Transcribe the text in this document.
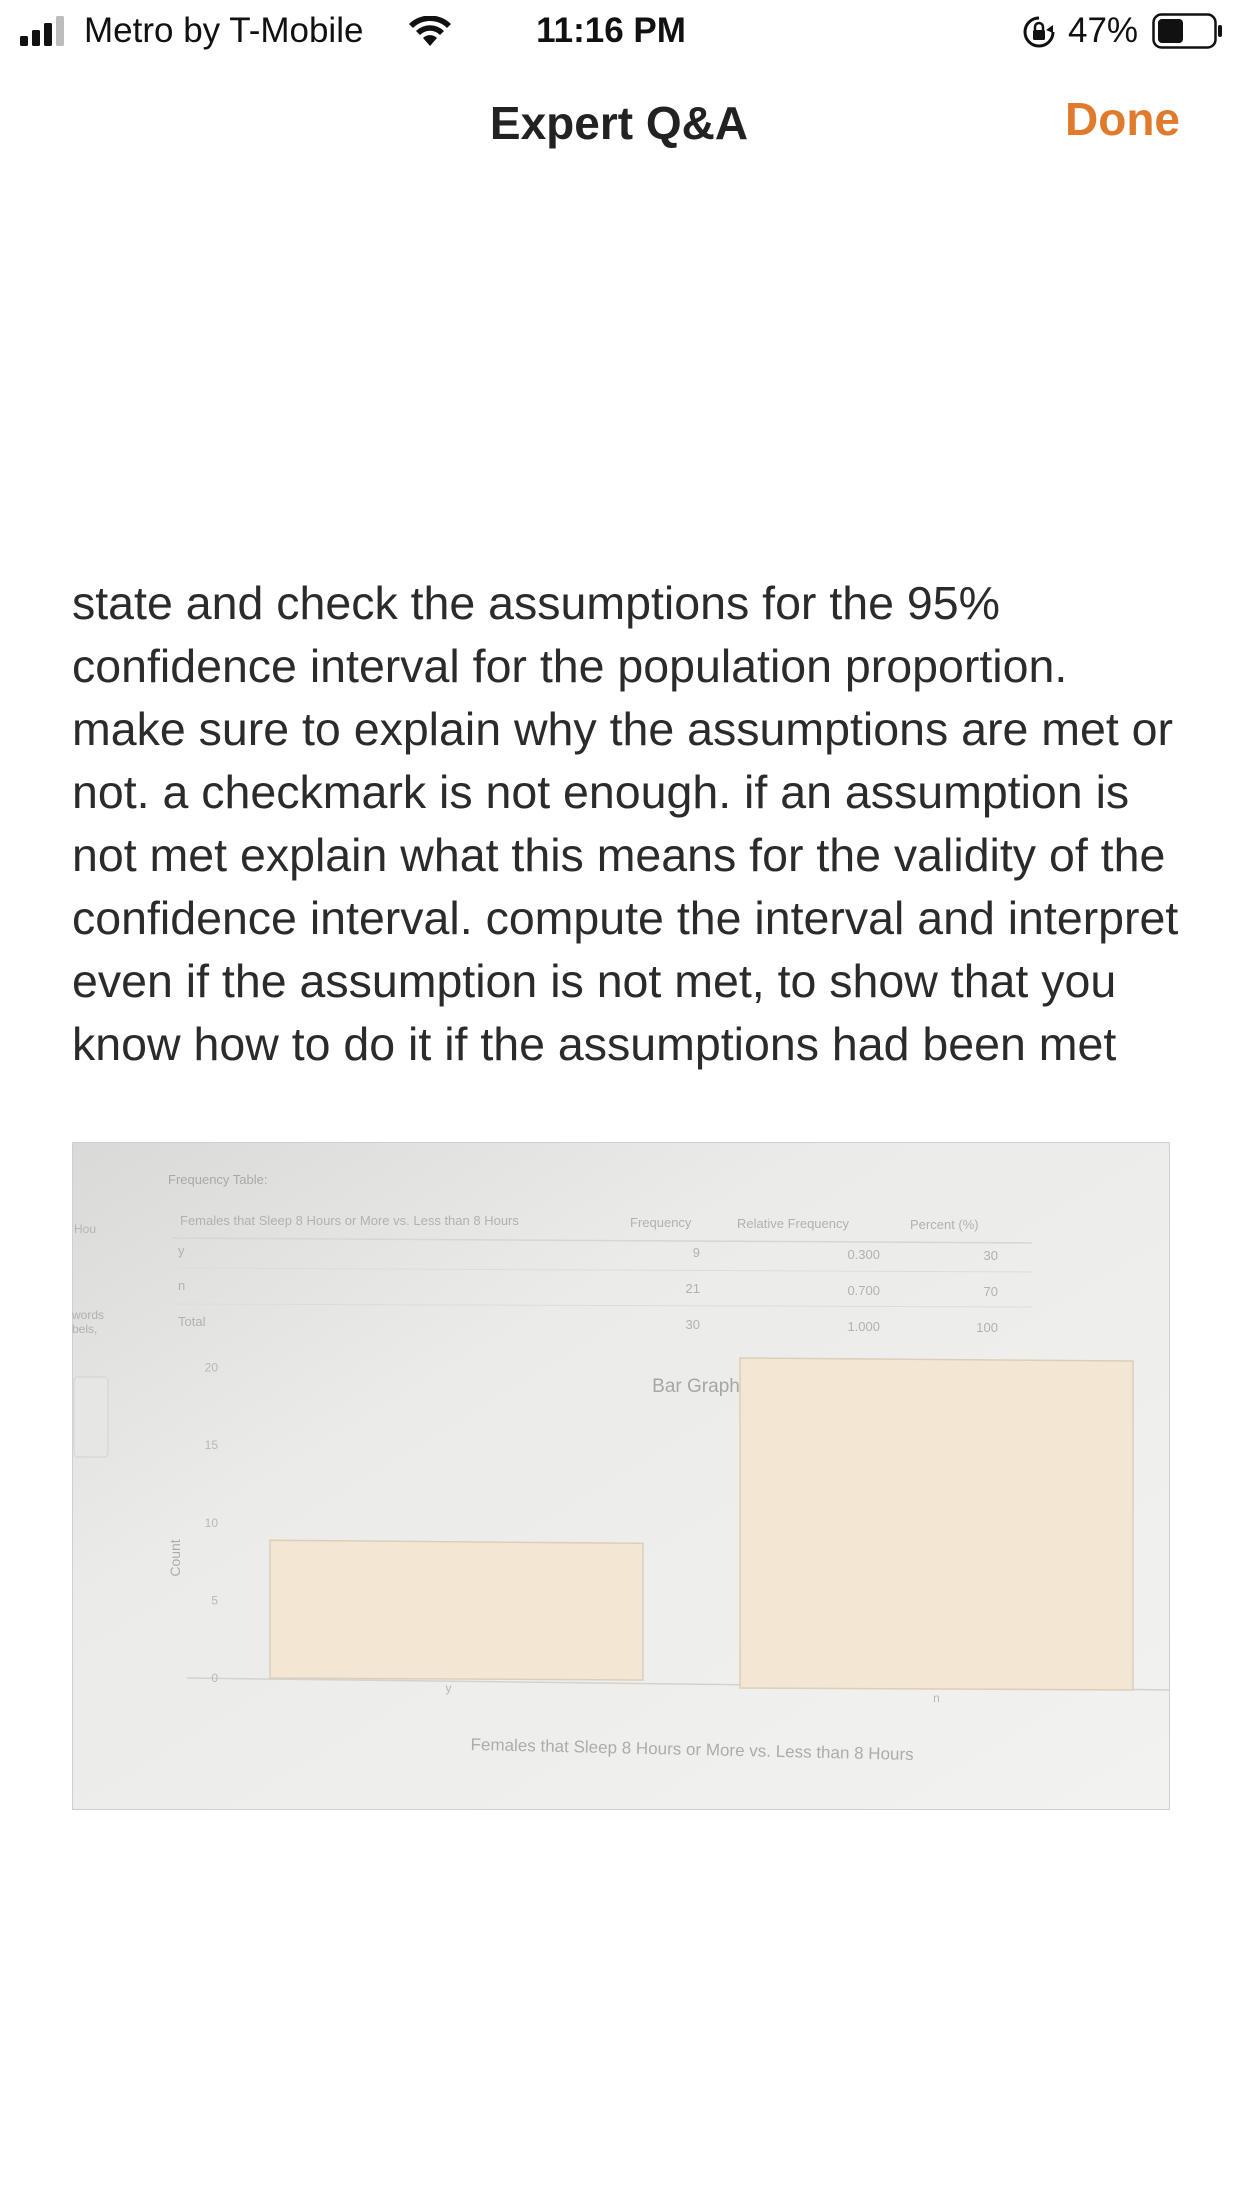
Metro by T-Mobile	11:16 PM	47%
Expert Q&A	Done
state and check the assumptions for the 95% confidence interval for the population proportion. make sure to explain why the assumptions are met or not. a checkmark is not enough. if an assumption is not met explain what this means for the validity of the confidence interval. compute the interval and interpret even if the assumption is not met, to show that you know how to do it if the assumptions had been met
Hou
words
bels,
Frequency Table:
Females that Sleep 8 Hours or More vs. Less than 8 Hours	Frequency	Relative Frequency	Percent (%)
y	9	0.300	30
n	21	0.700	70
Total	30	1.000	100
Bar Graph
0
5
10
15
20
y
n
Count
Females that Sleep 8 Hours or More vs. Less than 8 Hours
